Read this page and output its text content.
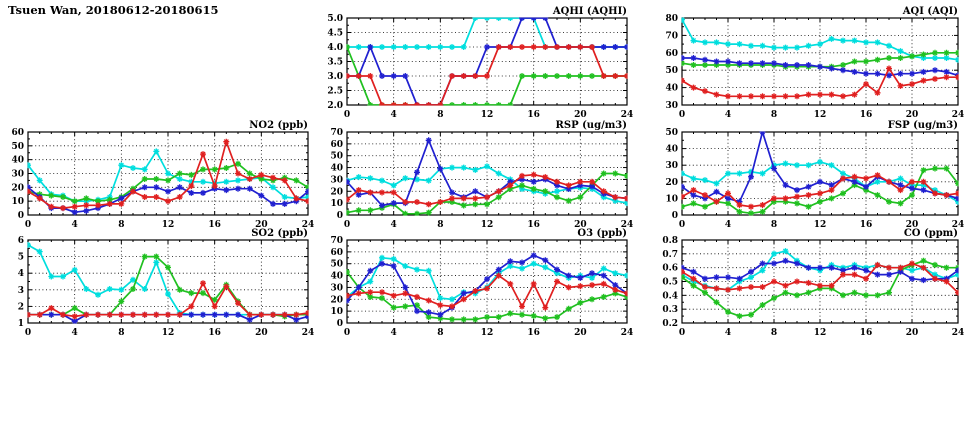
Tsuen Wan, 20180612-20180615
2.0
2.5
3.0
3.5
4.0
4.5
5.0
0	4	8	12	16	20	24
AQHI (AQHI)
30
40
50
60
70
80
0	4	8	12	16	20	24
AQI (AQI)
0
10
20
30
40
50
60
0	4	8	12	16	20	24
NO2 (ppb)
0
10
20
30
40
50
60
70
0	4	8	12	16	20	24
RSP (ug/m3)
0
10
20
30
40
50
0	4	8	12	16	20	24
FSP (ug/m3)
1
2
3
4
5
6
0	4	8	12	16	20	24
SO2 (ppb)
0
10
20
30
40
50
60
70
0	4	8	12	16	20	24
O3 (ppb)
0.2
0.3
0.4
0.5
0.6
0.7
0.8
0	4	8	12	16	20	24
CO (ppm)
